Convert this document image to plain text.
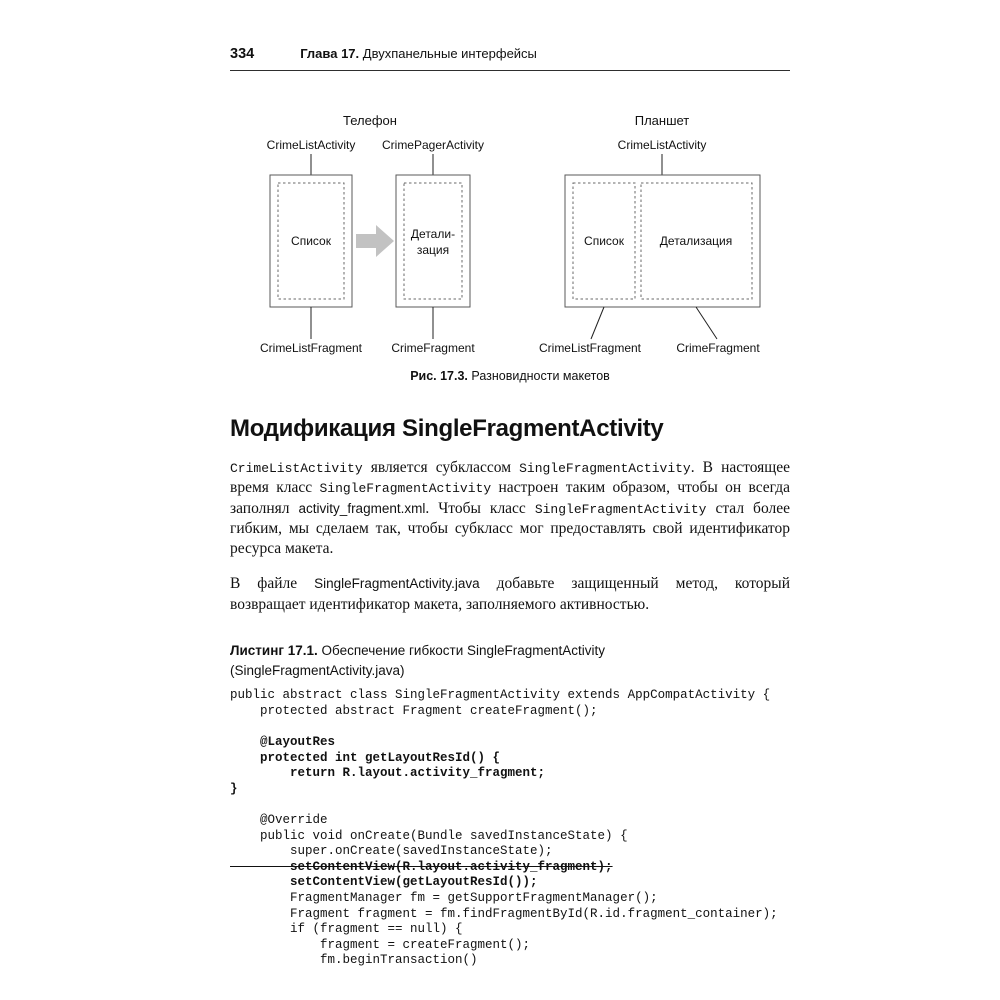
334	Глава 17. Двухпанельные интерфейсы
Телефон
CrimeListActivity CrimePagerActivity
Список	Детали-
зация
CrimeListFragment CrimeFragment
Планшет
CrimeListActivity
Список	Детализация
CrimeListFragment	CrimeFragment
Рис. 17.3. Разновидности макетов
Модификация SingleFragmentActivity

CrimeListActivity является субклассом SingleFragmentActivity. В настоящее время класс SingleFragmentActivity настроен таким образом, чтобы он всегда заполнял activity_fragment.xml. Чтобы класс SingleFragmentActivity стал более гибким, мы сделаем так, чтобы субкласс мог предоставлять свой идентификатор ресурса макета.

В файле SingleFragmentActivity.java добавьте защищенный метод, который возвращает идентификатор макета, заполняемого активностью.

Листинг 17.1. Обеспечение гибкости SingleFragmentActivity
(SingleFragmentActivity.java)
public abstract class SingleFragmentActivity extends AppCompatActivity {
protected abstract Fragment createFragment();
@LayoutRes
protected int getLayoutResId() {
return R.layout.activity_fragment;
}
@Override
public void onCreate(Bundle savedInstanceState) {
super.onCreate(savedInstanceState);
setContentView(R.layout.activity_fragment);
setContentView(getLayoutResId());
FragmentManager fm = getSupportFragmentManager();
Fragment fragment = fm.findFragmentById(R.id.fragment_container);
if (fragment == null) {
fragment = createFragment();
fm.beginTransaction()
